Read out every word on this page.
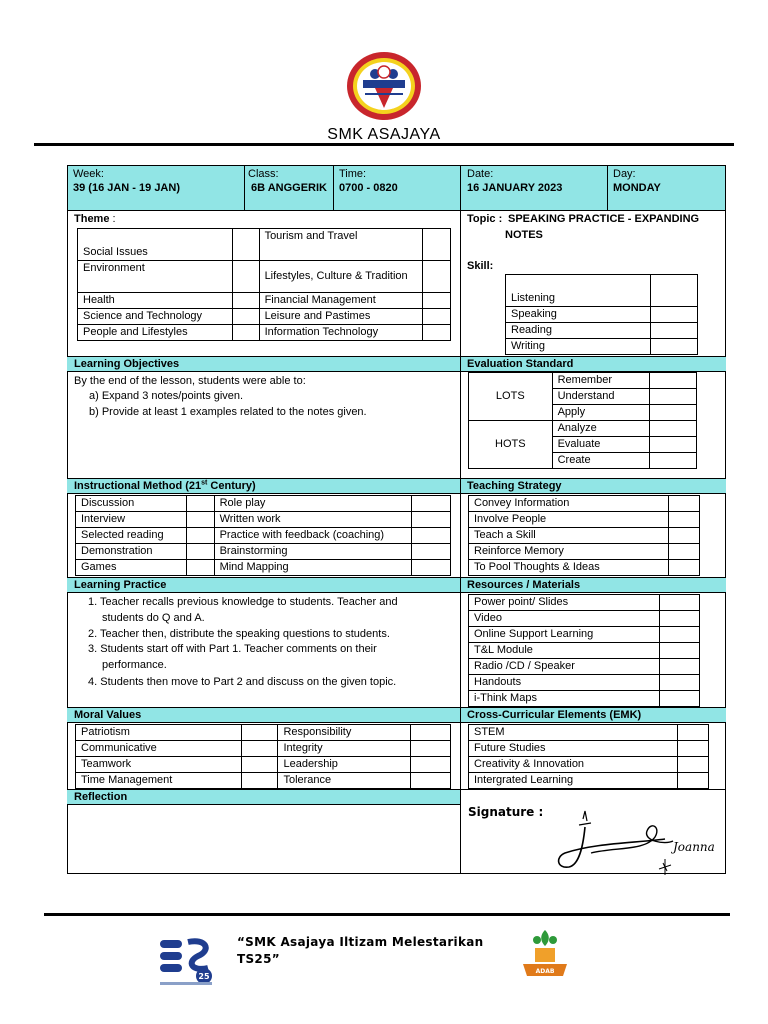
SMK ASAJAYA
Week:
39 (16 JAN - 19 JAN)
Class:
6B ANGGERIK
Time:
0700 - 0820
Date:
16 JANUARY 2023
Day:
MONDAY
Theme :
Social Issues		Tourism and Travel	
Environment		Lifestyles, Culture & Tradition	
Health		Financial Management	
Science and Technology		Leisure and Pastimes	
People and Lifestyles		Information Technology	
Topic : SPEAKING PRACTICE - EXPANDING
NOTES
Skill:
Listening	
Speaking	
Reading	
Writing	
Learning Objectives	Evaluation Standard
By the end of the lesson, students were able to:
a) Expand 3 notes/points given.
b) Provide at least 1 examples related to the notes given.
LOTS	Remember	
	Understand	
	Apply	
HOTS	Analyze	
	Evaluate	
	Create	
Instructional Method (21st Century)	Teaching Strategy
Discussion		Role play	
Interview		Written work	
Selected reading		Practice with feedback (coaching)	
Demonstration		Brainstorming	
Games		Mind Mapping	
Convey Information	
Involve People	
Teach a Skill	
Reinforce Memory	
To Pool Thoughts & Ideas	
Learning Practice	Resources / Materials
1. Teacher recalls previous knowledge to students. Teacher and
students do Q and A.
2. Teacher then, distribute the speaking questions to students.
3. Students start off with Part 1. Teacher comments on their
performance.
4. Students then move to Part 2 and discuss on the given topic.
Power point/ Slides	
Video	
Online Support Learning	
T&L Module	
Radio /CD / Speaker	
Handouts	
i-Think Maps	
Moral Values	Cross-Curricular Elements (EMK)
Patriotism		Responsibility	
Communicative		Integrity	
Teamwork		Leadership	
Time Management		Tolerance	
STEM	
Future Studies	
Creativity & Innovation	
Intergrated Learning	
Reflection
Signature :
Joanna
25
“SMK Asajaya Iltizam Melestarikan
TS25”
ADAB
